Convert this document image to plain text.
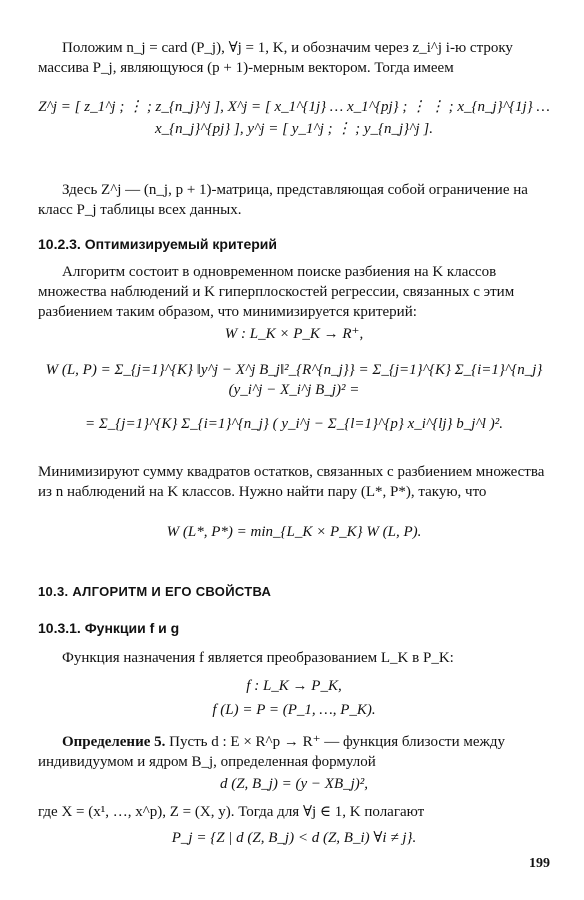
Положим n_j = card (P_j), ∀j = 1, K, и обозначим через z_i^j i-ю строку массива P_j, являющуюся (p + 1)-мерным вектором. Тогда имеем
Z^j = [ z_1^j ; ⋮ ; z_{n_j}^j ], X^j = [ x_1^{1j} … x_1^{pj} ; ⋮ ⋮ ; x_{n_j}^{1j} … x_{n_j}^{pj} ], y^j = [ y_1^j ; ⋮ ; y_{n_j}^j ].
Здесь Z^j — (n_j, p + 1)-матрица, представляющая собой ограничение на класс P_j таблицы всех данных.
10.2.3. Оптимизируемый критерий
Алгоритм состоит в одновременном поиске разбиения на K классов множества наблюдений и K гиперплоскостей регрессии, связанных с этим разбиением таким образом, что минимизируется критерий:
W : L_K × P_K → R⁺,
W (L, P) = Σ_{j=1}^{K} ‖y^j − X^j B_j‖²_{R^{n_j}} = Σ_{j=1}^{K} Σ_{i=1}^{n_j} (y_i^j − X_i^j B_j)² =
= Σ_{j=1}^{K} Σ_{i=1}^{n_j} ( y_i^j − Σ_{l=1}^{p} x_i^{lj} b_j^l )².
Минимизируют сумму квадратов остатков, связанных с разбиением множества из n наблюдений на K классов. Нужно найти пару (L*, P*), такую, что
W (L*, P*) = min_{L_K × P_K} W (L, P).
10.3. АЛГОРИТМ И ЕГО СВОЙСТВА
10.3.1. Функции f и g
Функция назначения f является преобразованием L_K в P_K:
f : L_K → P_K,
f (L) = P = (P_1, …, P_K).
Определение 5. Пусть d : E × R^p → R⁺ — функция близости между индивидуумом и ядром B_j, определенная формулой
d (Z, B_j) = (y − XB_j)²,
где X = (x¹, …, x^p), Z = (X, y). Тогда для ∀j ∈ 1, K полагают
P_j = {Z | d (Z, B_j) < d (Z, B_i) ∀i ≠ j}.
199
